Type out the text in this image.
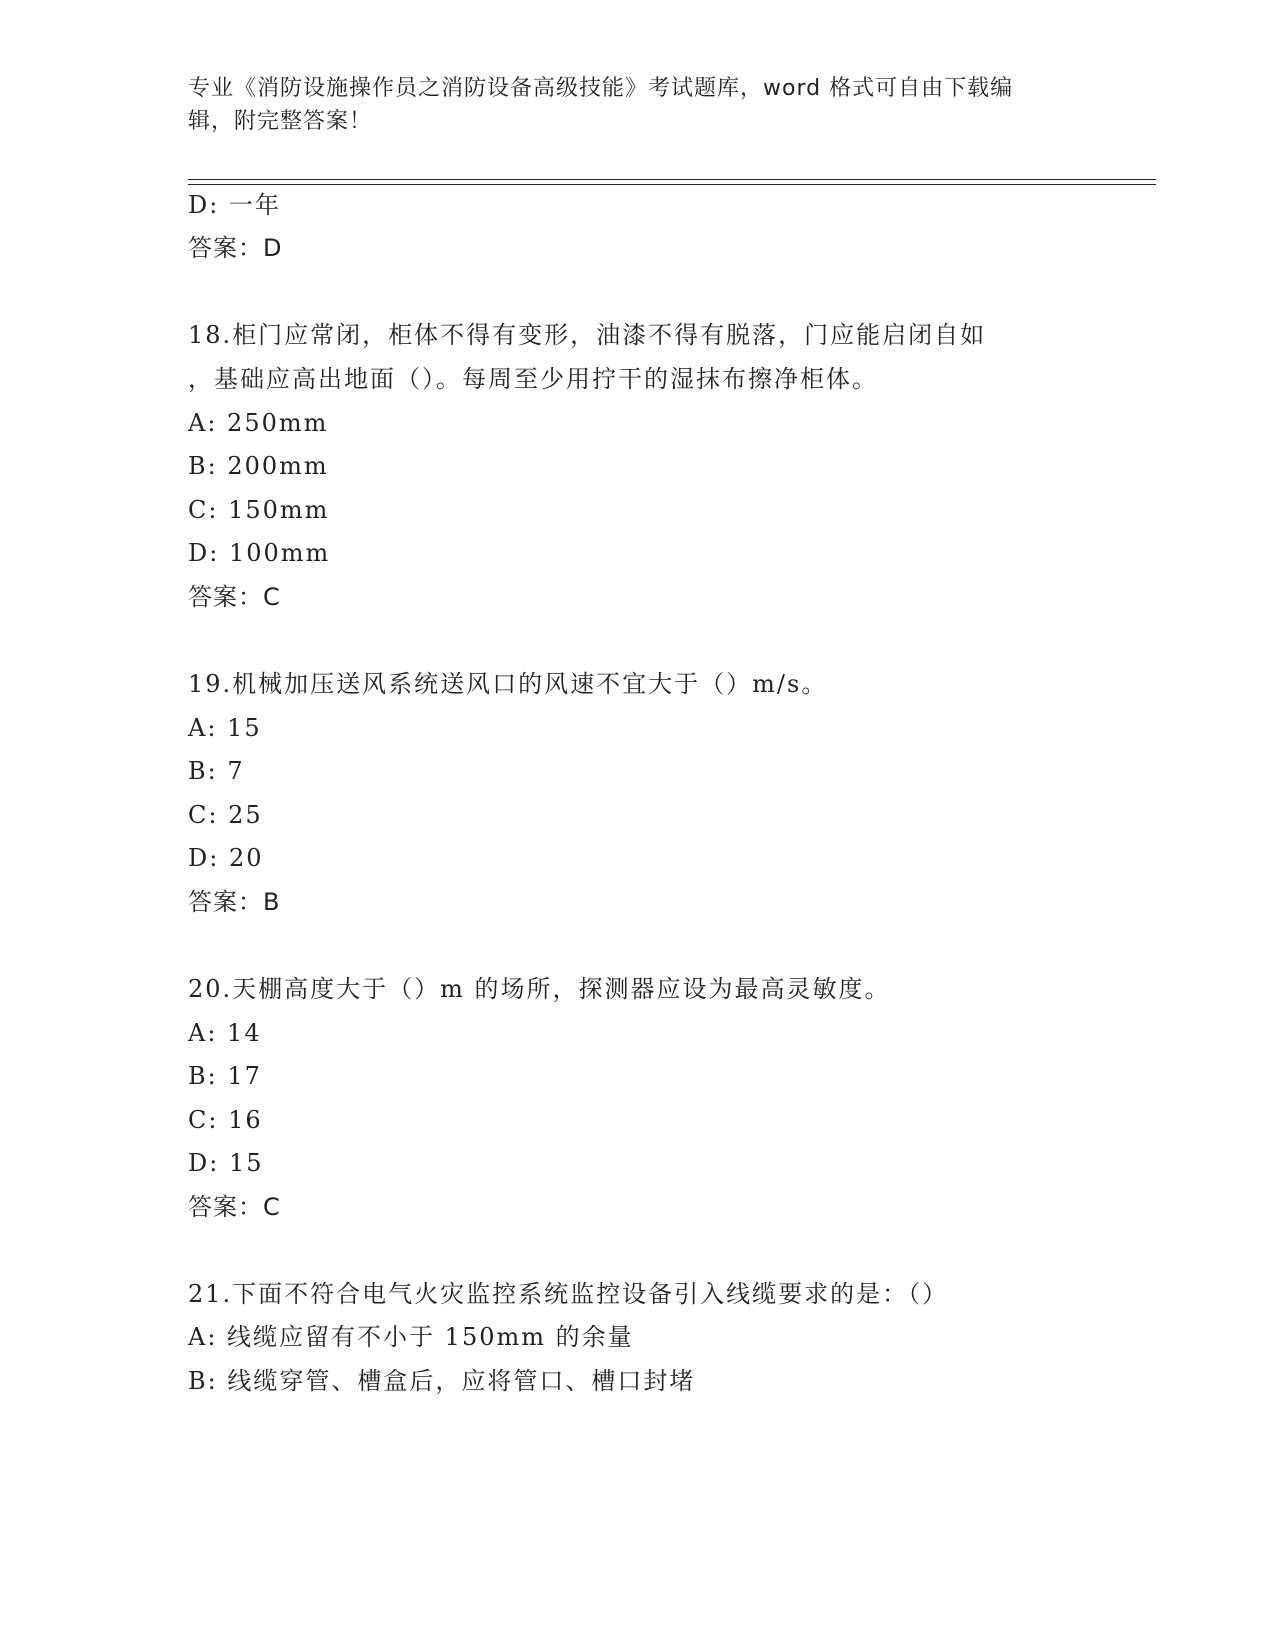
专业《消防设施操作员之消防设备高级技能》考试题库，word 格式可自由下载编
辑，附完整答案！
D: 一年
答案：D
18.柜门应常闭，柜体不得有变形，油漆不得有脱落，门应能启闭自如
，基础应高出地面（）。每周至少用拧干的湿抹布擦净柜体。
A: 250mm
B: 200mm
C: 150mm
D: 100mm
答案：C
19.机械加压送风系统送风口的风速不宜大于（）m/s。
A: 15
B: 7
C: 25
D: 20
答案：B
20.天棚高度大于（）m 的场所，探测器应设为最高灵敏度。
A: 14
B: 17
C: 16
D: 15
答案：C
21.下面不符合电气火灾监控系统监控设备引入线缆要求的是：（）
A: 线缆应留有不小于 150mm 的余量
B: 线缆穿管、槽盒后，应将管口、槽口封堵
